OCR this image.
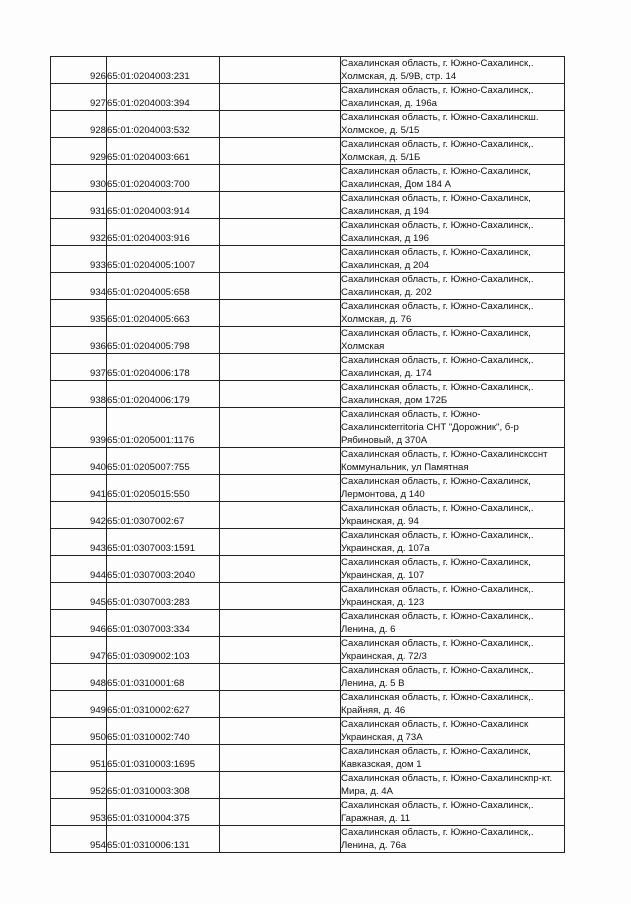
926	65:01:0204003:231		Сахалинская область, г. Южно-Сахалинск,.
Холмская, д. 5/9В, стр. 14

927	65:01:0204003:394		Сахалинская область, г. Южно-Сахалинск,.
Сахалинская, д. 196а

928	65:01:0204003:532		Сахалинская область, г. Южно-Сахалинскш.
Холмское, д. 5/15

929	65:01:0204003:661		Сахалинская область, г. Южно-Сахалинск,.
Холмская, д. 5/1Б

930	65:01:0204003:700		Сахалинская область, г. Южно-Сахалинск,
Сахалинская, Дом 184 А

931	65:01:0204003:914		Сахалинская область, г. Южно-Сахалинск,
Сахалинская, д 194

932	65:01:0204003:916		Сахалинская область, г. Южно-Сахалинск,.
Сахалинская, д 196

933	65:01:0204005:1007		Сахалинская область, г. Южно-Сахалинск,
Сахалинская, д 204

934	65:01:0204005:658		Сахалинская область, г. Южно-Сахалинск,.
Сахалинская, д. 202

935	65:01:0204005:663		Сахалинская область, г. Южно-Сахалинск,.
Холмская, д. 76

936	65:01:0204005:798		Сахалинская область, г. Южно-Сахалинск,
Холмская

937	65:01:0204006:178		Сахалинская область, г. Южно-Сахалинск,.
Сахалинская, д. 174

938	65:01:0204006:179		Сахалинская область, г. Южно-Сахалинск,.
Сахалинская, дом 172Б

939	65:01:0205001:1176		Сахалинская область, г. Южно-
Сахалинскterritoria СНТ "Дорожник", б-р
Рябиновый, д 370А

940	65:01:0205007:755		Сахалинская область, г. Южно-Сахалинсксснт
Коммунальник, ул Памятная

941	65:01:0205015:550		Сахалинская область, г. Южно-Сахалинск,
Лермонтова, д 140

942	65:01:0307002:67		Сахалинская область, г. Южно-Сахалинск,.
Украинская, д. 94

943	65:01:0307003:1591		Сахалинская область, г. Южно-Сахалинск,.
Украинская, д. 107а

944	65:01:0307003:2040		Сахалинская область, г. Южно-Сахалинск,
Украинская, д. 107

945	65:01:0307003:283		Сахалинская область, г. Южно-Сахалинск,.
Украинская, д. 123

946	65:01:0307003:334		Сахалинская область, г. Южно-Сахалинск,.
Ленина, д. 6

947	65:01:0309002:103		Сахалинская область, г. Южно-Сахалинск,.
Украинская, д. 72/3

948	65:01:0310001:68		Сахалинская область, г. Южно-Сахалинск,.
Ленина, д. 5 В

949	65:01:0310002:627		Сахалинская область, г. Южно-Сахалинск,.
Крайняя, д. 46

950	65:01:0310002:740		Сахалинская область, г. Южно-Сахалинск
Украинская, д 73А

951	65:01:0310003:1695		Сахалинская область, г. Южно-Сахалинск,
Кавказская, дом 1

952	65:01:0310003:308		Сахалинская область, г. Южно-Сахалинскпр-кт.
Мира, д. 4А

953	65:01:0310004:375		Сахалинская область, г. Южно-Сахалинск,.
Гаражная, д. 11

954	65:01:0310006:131		Сахалинская область, г. Южно-Сахалинск,.
Ленина, д. 76а
